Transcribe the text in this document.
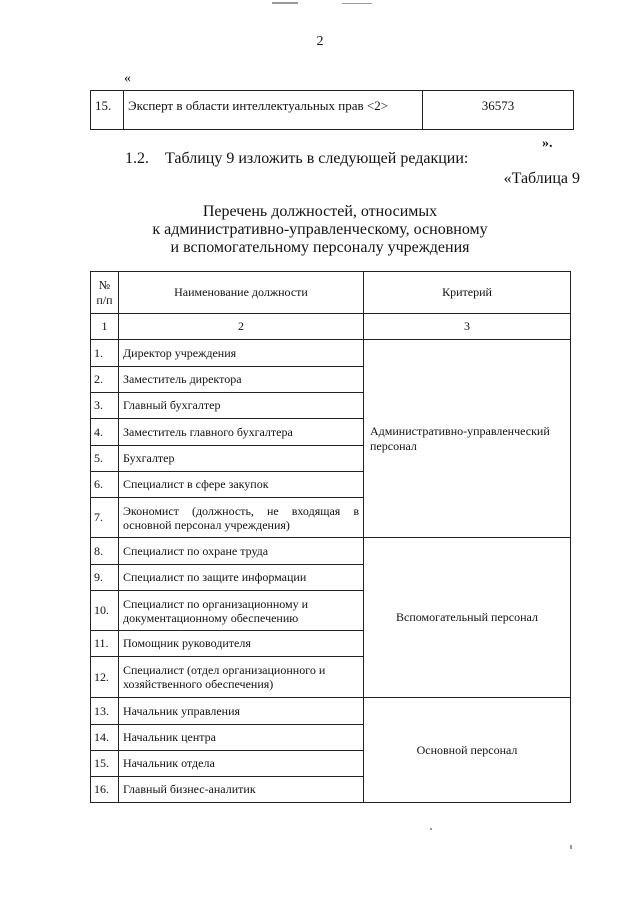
2
«
15.	Эксперт в области интеллектуальных прав <2>	36573
».
1.2. Таблицу 9 изложить в следующей редакции:
«Таблица 9
Перечень должностей, относимых
к административно-управленческому, основному
и вспомогательному персоналу учреждения
№
п/п	Наименование должности	Критерий
1	2	3
1.	Директор учреждения	Административно-управленческий персонал
2.	Заместитель директора	
3.	Главный бухгалтер	
4.	Заместитель главного бухгалтера	
5.	Бухгалтер	
6.	Специалист в сфере закупок	
7.	Экономист (должность, не входящая в основной персонал учреждения)	
8.	Специалист по охране труда	Вспомогательный персонал
9.	Специалист по защите информации	
10.	Специалист по организационному и документационному обеспечению	
11.	Помощник руководителя	
12.	Специалист (отдел организационного и хозяйственного обеспечения)	
13.	Начальник управления	Основной персонал
14.	Начальник центра	
15.	Начальник отдела	
16.	Главный бизнес-аналитик	
